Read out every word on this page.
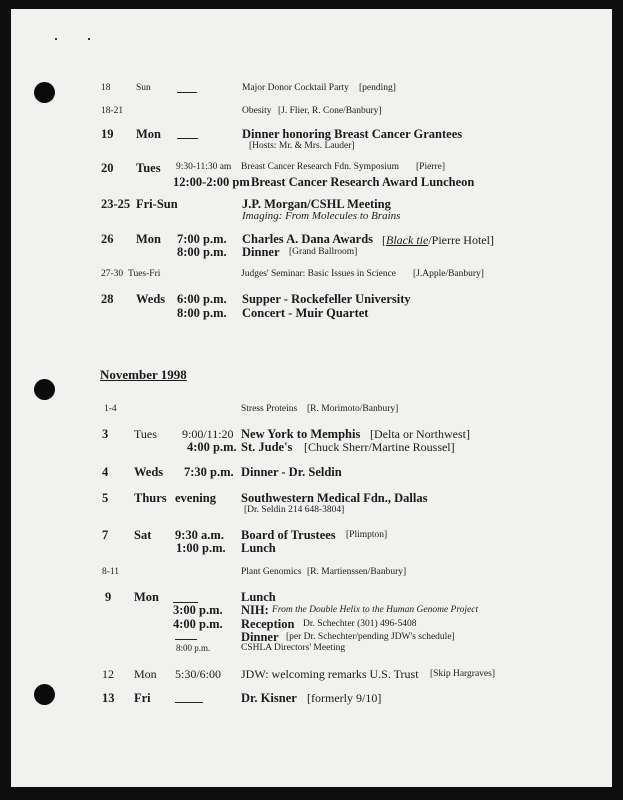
18	Sun	Major Donor Cocktail Party [pending]
18-21	Obesity [J. Flier, R. Cone/Banbury]
19 Mon	Dinner honoring Breast Cancer Grantees
[Hosts: Mr. & Mrs. Lauder]
20 Tues 9:30-11:30 am Breast Cancer Research Fdn. Symposium [Pierre]
12:00-2:00 pm Breast Cancer Research Award Luncheon
23-25 Fri-Sun	J.P. Morgan/CSHL Meeting
Imaging: From Molecules to Brains
26 Mon 7:00 p.m. Charles A. Dana Awards [Black tie/Pierre Hotel]
8:00 p.m. Dinner [Grand Ballroom]
27-30 Tues-Fri	Judges' Seminar: Basic Issues in Science [J.Apple/Banbury]
28 Weds 6:00 p.m. Supper - Rockefeller University
8:00 p.m. Concert - Muir Quartet
November 1998
1-4	Stress Proteins [R. Morimoto/Banbury]
3 Tues 9:00/11:20 New York to Memphis [Delta or Northwest]
4:00 p.m. St. Jude's [Chuck Sherr/Martine Roussel]
4 Weds 7:30 p.m. Dinner - Dr. Seldin
5 Thurs evening Southwestern Medical Fdn., Dallas
[Dr. Seldin 214 648-3804]
7 Sat 9:30 a.m. Board of Trustees [Plimpton]
1:00 p.m. Lunch
8-11	Plant Genomics [R. Martienssen/Banbury]
9 Mon	Lunch
3:00 p.m. NIH: From the Double Helix to the Human Genome Project
4:00 p.m. Reception Dr. Schechter (301) 496-5408
Dinner [per Dr. Schechter/pending JDW's schedule]
8:00 p.m.	CSHLA Directors' Meeting
12 Mon 5:30/6:00 JDW: welcoming remarks U.S. Trust [Skip Hargraves]
13 Fri	Dr. Kisner [formerly 9/10]
